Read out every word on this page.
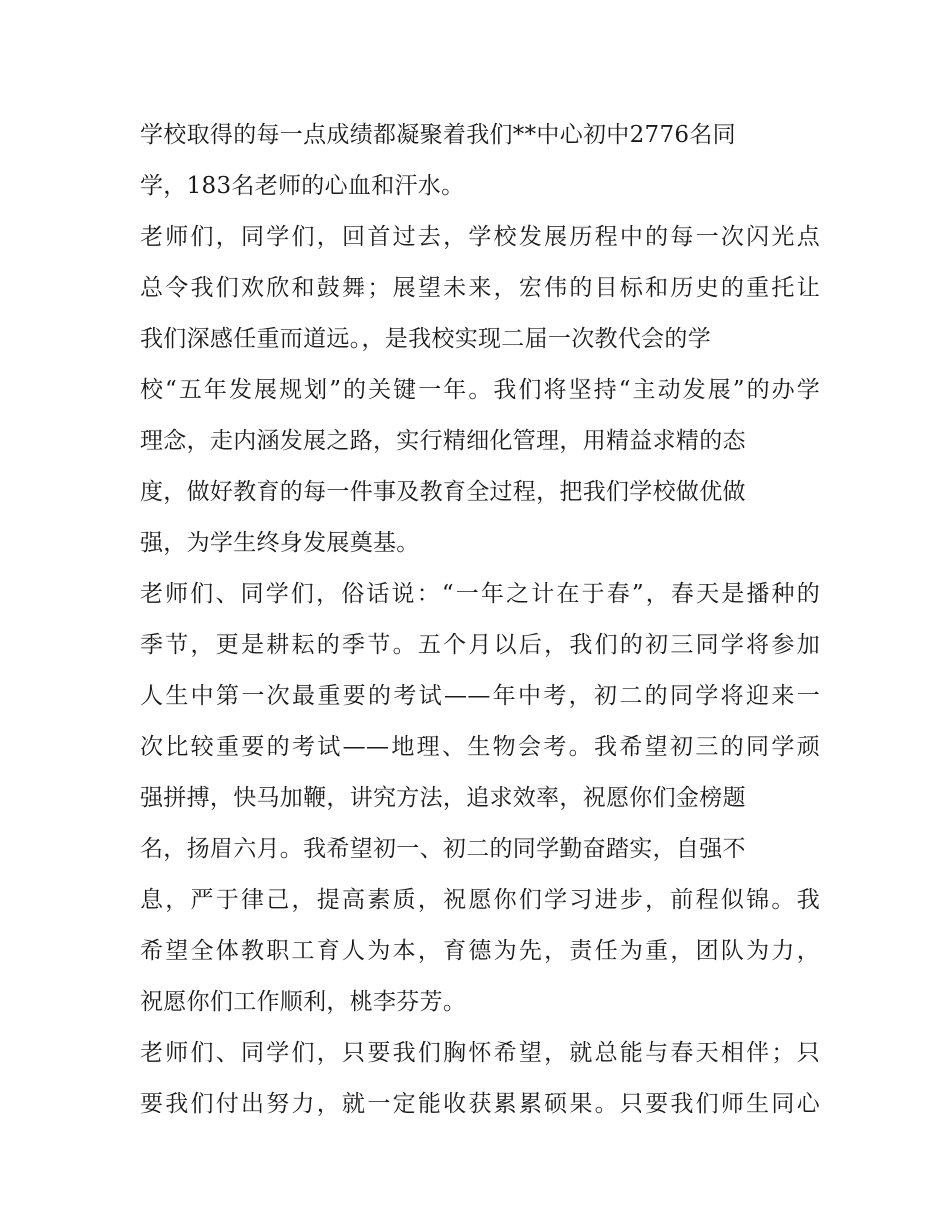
学校取得的每一点成绩都凝聚着我们**中心初中2776名同
学，183名老师的心血和汗水。
老师们，同学们，回首过去，学校发展历程中的每一次闪光点
总令我们欢欣和鼓舞；展望未来，宏伟的目标和历史的重托让
我们深感任重而道远。，是我校实现二届一次教代会的学
校“五年发展规划”的关键一年。我们将坚持“主动发展”的办学
理念，走内涵发展之路，实行精细化管理，用精益求精的态
度，做好教育的每一件事及教育全过程，把我们学校做优做
强，为学生终身发展奠基。
老师们、同学们，俗话说：“一年之计在于春”，春天是播种的
季节，更是耕耘的季节。五个月以后，我们的初三同学将参加
人生中第一次最重要的考试——年中考，初二的同学将迎来一
次比较重要的考试——地理、生物会考。我希望初三的同学顽
强拼搏，快马加鞭，讲究方法，追求效率，祝愿你们金榜题
名，扬眉六月。我希望初一、初二的同学勤奋踏实，自强不
息，严于律己，提高素质，祝愿你们学习进步，前程似锦。我
希望全体教职工育人为本，育德为先，责任为重，团队为力，
祝愿你们工作顺利，桃李芬芳。
老师们、同学们，只要我们胸怀希望，就总能与春天相伴；只
要我们付出努力，就一定能收获累累硕果。只要我们师生同心
